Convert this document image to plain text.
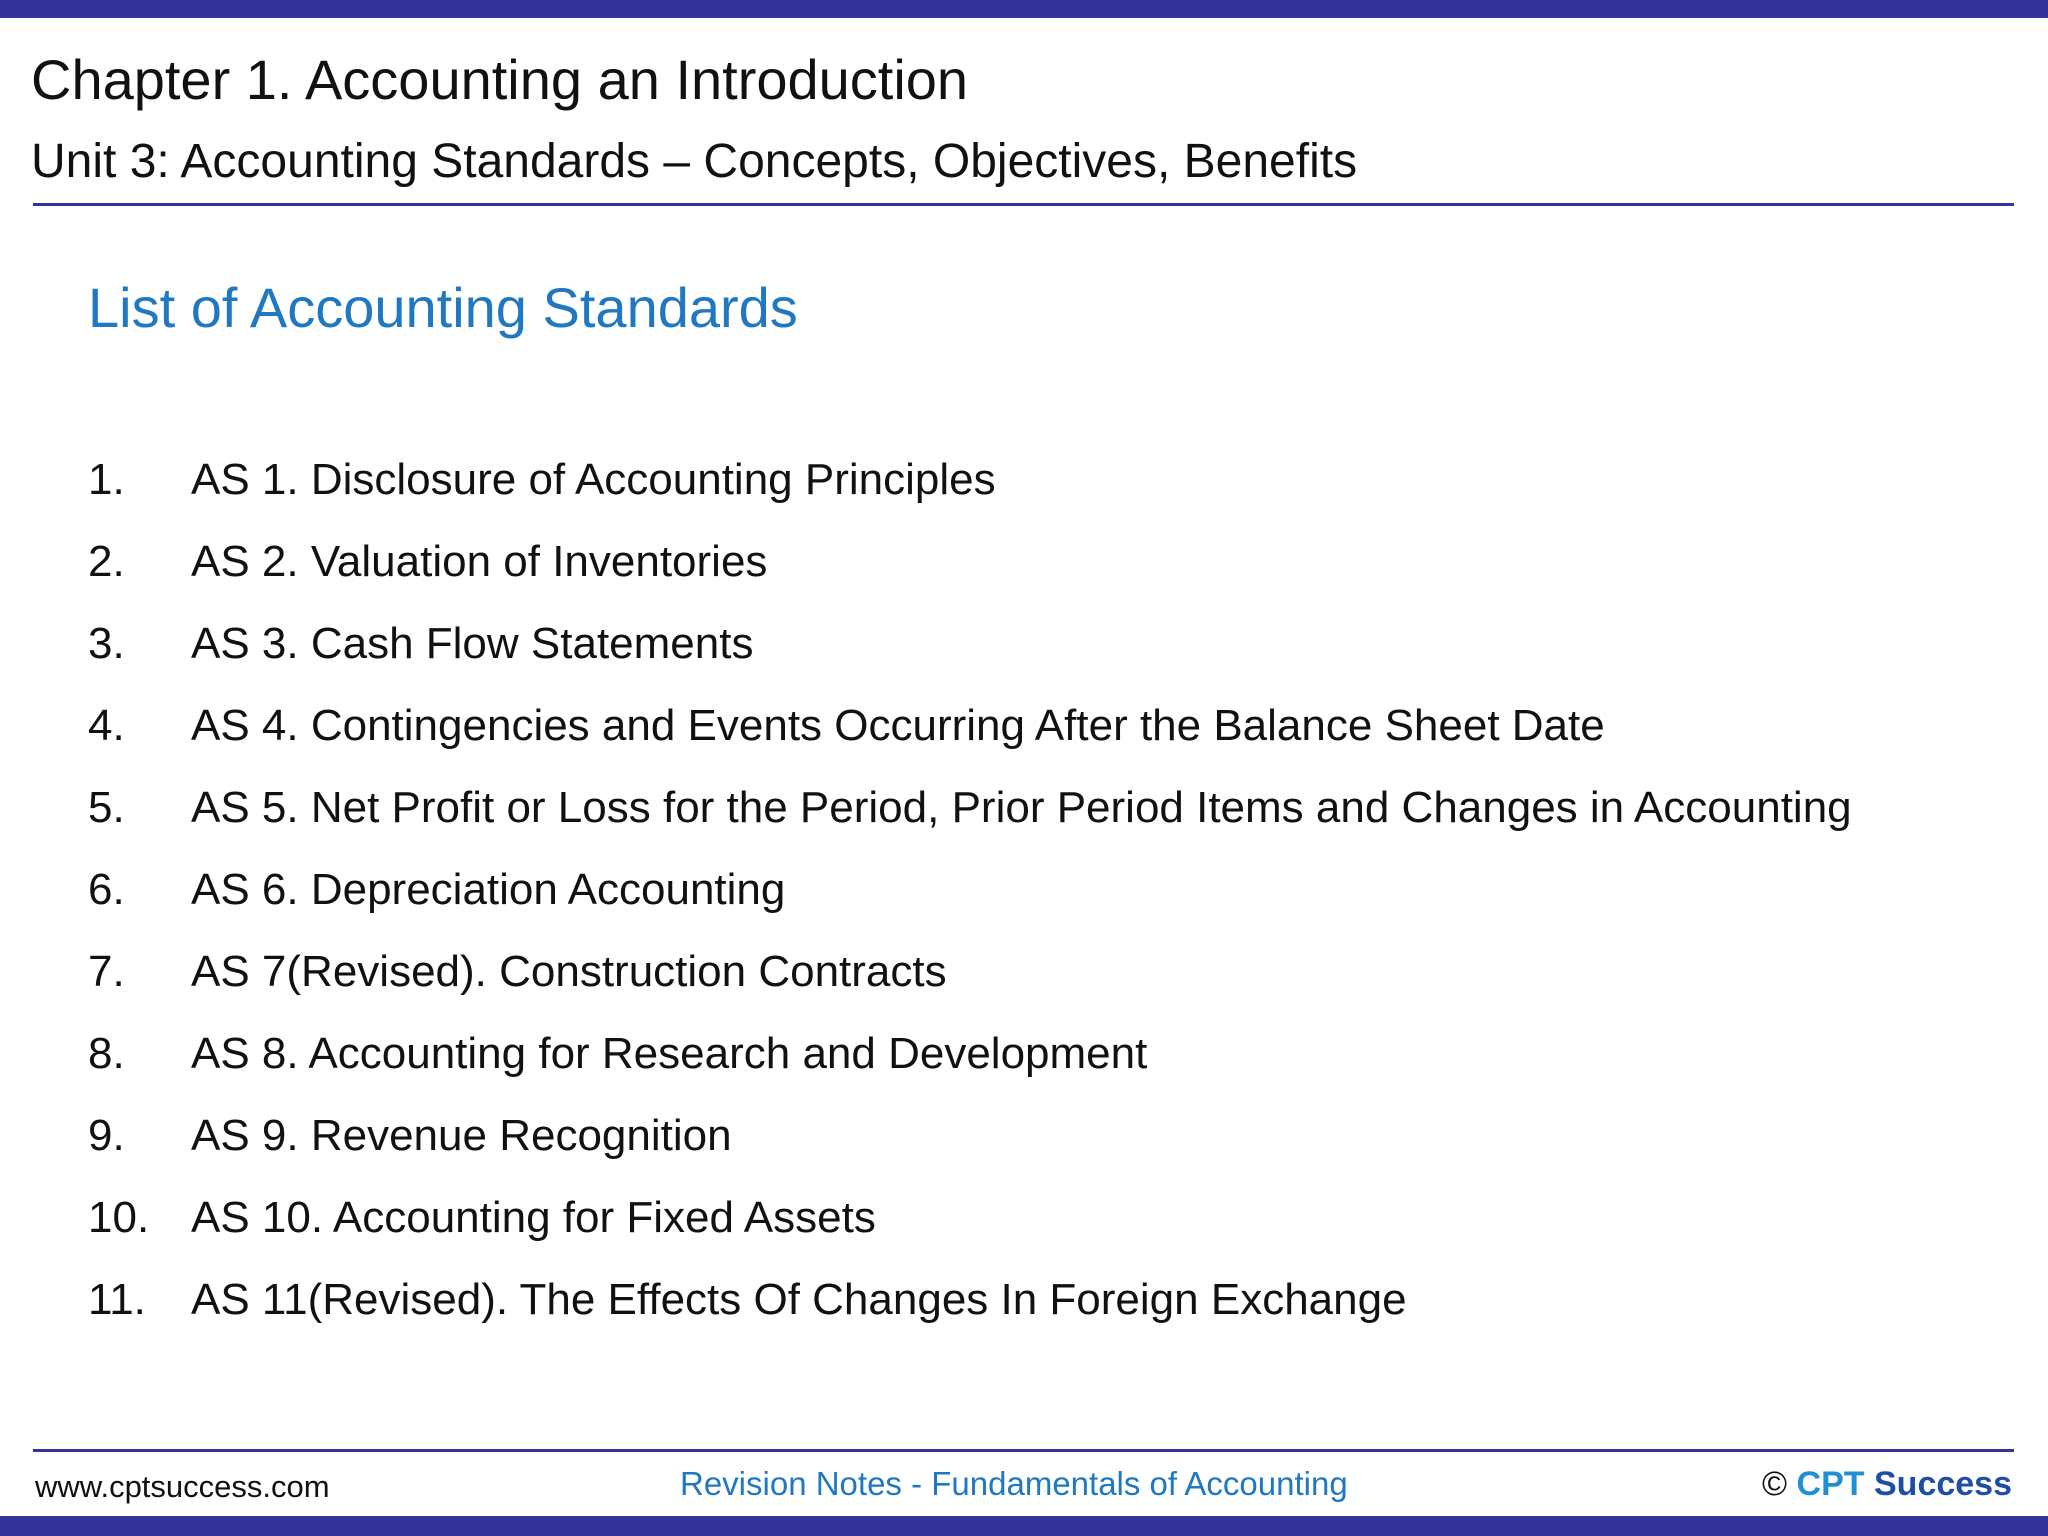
Chapter 1. Accounting an Introduction
Unit 3: Accounting Standards – Concepts, Objectives, Benefits
List of Accounting Standards
1. AS 1. Disclosure of Accounting Principles
2. AS 2. Valuation of Inventories
3. AS 3. Cash Flow Statements
4. AS 4. Contingencies and Events Occurring After the Balance Sheet Date
5. AS 5. Net Profit or Loss for the Period, Prior Period Items and Changes in Accounting
6. AS 6. Depreciation Accounting
7. AS 7(Revised). Construction Contracts
8. AS 8. Accounting for Research and Development
9. AS 9. Revenue Recognition
10. AS 10. Accounting for Fixed Assets
11. AS 11(Revised). The Effects Of Changes In Foreign Exchange
www.cptsuccess.com	Revision Notes - Fundamentals of Accounting	© CPT Success
